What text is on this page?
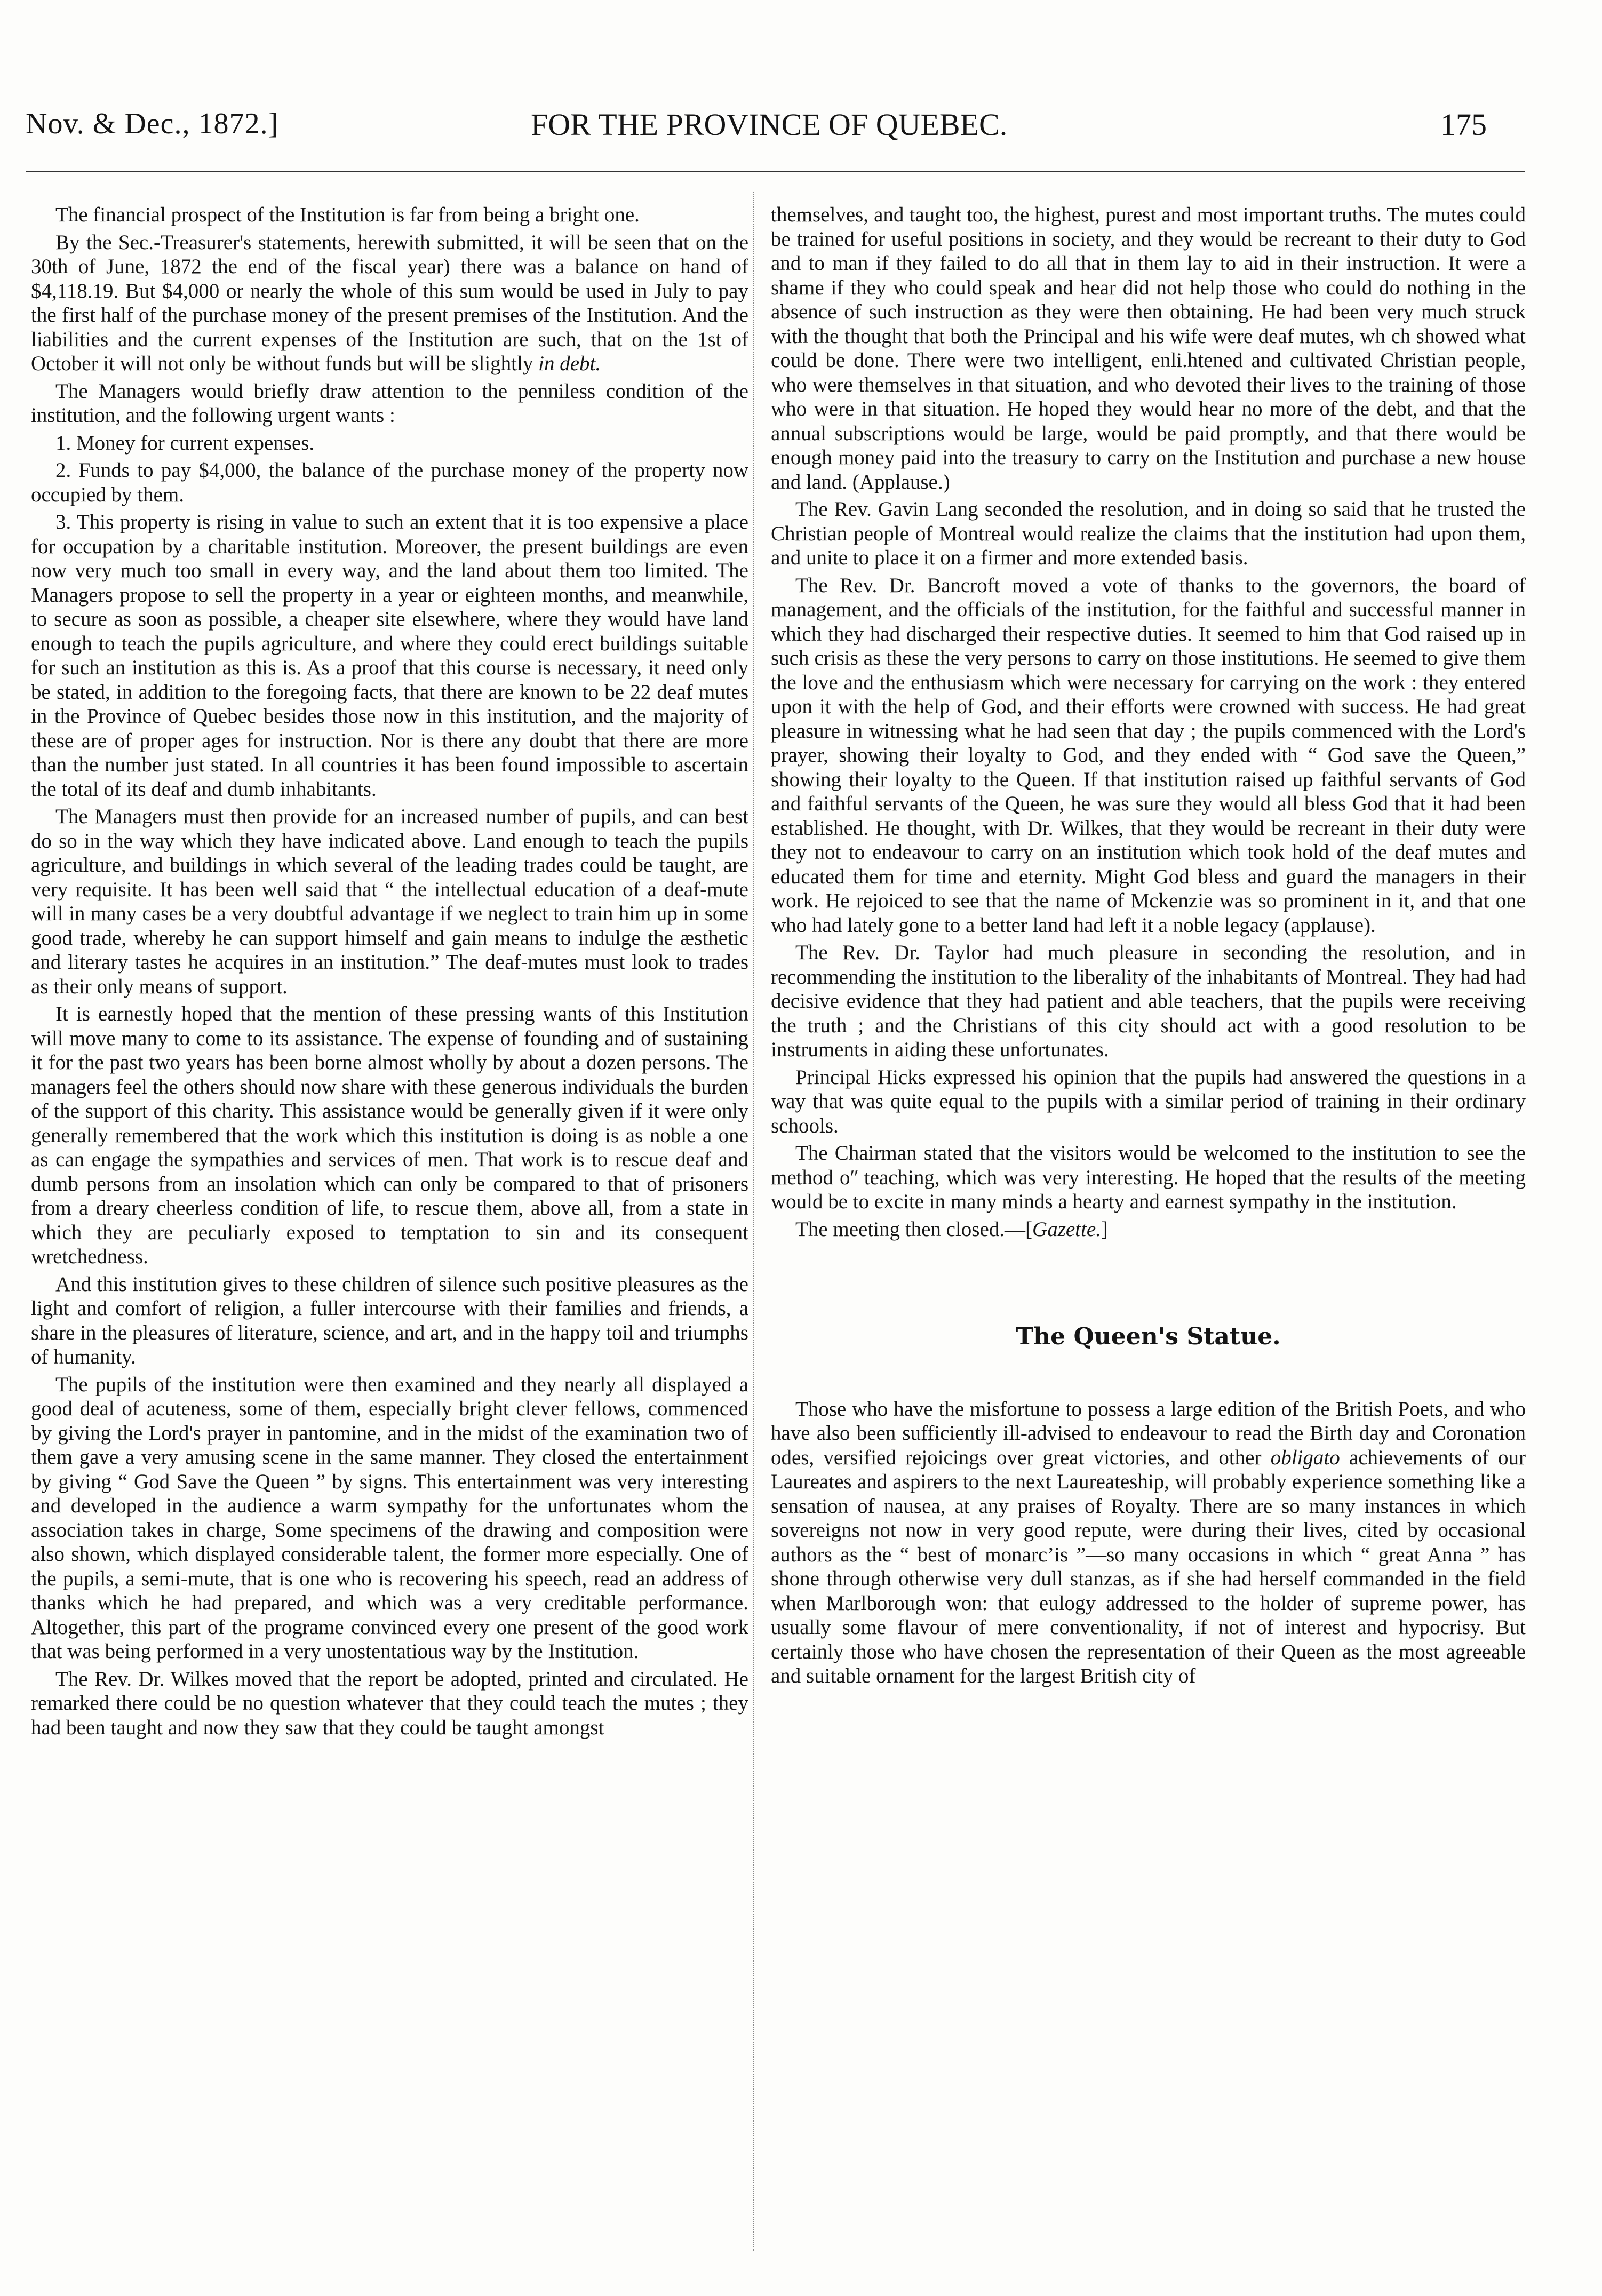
Nov. & Dec., 1872.]	FOR THE PROVINCE OF QUEBEC.	175

The financial prospect of the Institution is far from being a bright one.

By the Sec.-Treasurer's statements, herewith submitted, it will be seen that on the 30th of June, 1872 the end of the fiscal year) there was a balance on hand of $4,118.19. But $4,000 or nearly the whole of this sum would be used in July to pay the first half of the purchase money of the present premises of the Institution. And the liabilities and the current expenses of the Institution are such, that on the 1st of October it will not only be without funds but will be slightly in debt.

The Managers would briefly draw attention to the penniless condition of the institution, and the following urgent wants :

1. Money for current expenses.

2. Funds to pay $4,000, the balance of the purchase money of the property now occupied by them.

3. This property is rising in value to such an extent that it is too expensive a place for occupation by a charitable institution. Moreover, the present buildings are even now very much too small in every way, and the land about them too limited. The Managers propose to sell the property in a year or eighteen months, and meanwhile, to secure as soon as possible, a cheaper site elsewhere, where they would have land enough to teach the pupils agriculture, and where they could erect buildings suitable for such an institution as this is. As a proof that this course is necessary, it need only be stated, in addition to the foregoing facts, that there are known to be 22 deaf mutes in the Province of Quebec besides those now in this institution, and the majority of these are of proper ages for instruction. Nor is there any doubt that there are more than the number just stated. In all countries it has been found impossible to ascertain the total of its deaf and dumb inhabitants.

The Managers must then provide for an increased number of pupils, and can best do so in the way which they have indicated above. Land enough to teach the pupils agriculture, and buildings in which several of the leading trades could be taught, are very requisite. It has been well said that “ the intellectual education of a deaf-mute will in many cases be a very doubtful advantage if we neglect to train him up in some good trade, whereby he can support himself and gain means to indulge the æsthetic and literary tastes he acquires in an institution.” The deaf-mutes must look to trades as their only means of support.

It is earnestly hoped that the mention of these pressing wants of this Institution will move many to come to its assistance. The expense of founding and of sustaining it for the past two years has been borne almost wholly by about a dozen persons. The managers feel the others should now share with these generous individuals the burden of the support of this charity. This assistance would be generally given if it were only generally remembered that the work which this institution is doing is as noble a one as can engage the sympathies and services of men. That work is to rescue deaf and dumb persons from an insolation which can only be compared to that of prisoners from a dreary cheerless condition of life, to rescue them, above all, from a state in which they are peculiarly exposed to temptation to sin and its consequent wretchedness.

And this institution gives to these children of silence such positive pleasures as the light and comfort of religion, a fuller intercourse with their families and friends, a share in the pleasures of literature, science, and art, and in the happy toil and triumphs of humanity.

The pupils of the institution were then examined and they nearly all displayed a good deal of acuteness, some of them, especially bright clever fellows, commenced by giving the Lord's prayer in pantomine, and in the midst of the examination two of them gave a very amusing scene in the same manner. They closed the entertainment by giving “ God Save the Queen ” by signs. This entertainment was very interesting and developed in the audience a warm sympathy for the unfortunates whom the association takes in charge, Some specimens of the drawing and composition were also shown, which displayed considerable talent, the former more especially. One of the pupils, a semi-mute, that is one who is recovering his speech, read an address of thanks which he had prepared, and which was a very creditable performance. Altogether, this part of the programe convinced every one present of the good work that was being performed in a very unostentatious way by the Institution.

The Rev. Dr. Wilkes moved that the report be adopted, printed and circulated. He remarked there could be no question whatever that they could teach the mutes ; they had been taught and now they saw that they could be taught amongst

themselves, and taught too, the highest, purest and most important truths. The mutes could be trained for useful positions in society, and they would be recreant to their duty to God and to man if they failed to do all that in them lay to aid in their instruction. It were a shame if they who could speak and hear did not help those who could do nothing in the absence of such instruction as they were then obtaining. He had been very much struck with the thought that both the Principal and his wife were deaf mutes, wh ch showed what could be done. There were two intelligent, enli.htened and cultivated Christian people, who were themselves in that situation, and who devoted their lives to the training of those who were in that situation. He hoped they would hear no more of the debt, and that the annual subscriptions would be large, would be paid promptly, and that there would be enough money paid into the treasury to carry on the Institution and purchase a new house and land. (Applause.)

The Rev. Gavin Lang seconded the resolution, and in doing so said that he trusted the Christian people of Montreal would realize the claims that the institution had upon them, and unite to place it on a firmer and more extended basis.

The Rev. Dr. Bancroft moved a vote of thanks to the governors, the board of management, and the officials of the institution, for the faithful and successful manner in which they had discharged their respective duties. It seemed to him that God raised up in such crisis as these the very persons to carry on those institutions. He seemed to give them the love and the enthusiasm which were necessary for carrying on the work : they entered upon it with the help of God, and their efforts were crowned with success. He had great pleasure in witnessing what he had seen that day ; the pupils commenced with the Lord's prayer, showing their loyalty to God, and they ended with “ God save the Queen,” showing their loyalty to the Queen. If that institution raised up faithful servants of God and faithful servants of the Queen, he was sure they would all bless God that it had been established. He thought, with Dr. Wilkes, that they would be recreant in their duty were they not to endeavour to carry on an institution which took hold of the deaf mutes and educated them for time and eternity. Might God bless and guard the managers in their work. He rejoiced to see that the name of Mckenzie was so prominent in it, and that one who had lately gone to a better land had left it a noble legacy (applause).

The Rev. Dr. Taylor had much pleasure in seconding the resolution, and in recommending the institution to the liberality of the inhabitants of Montreal. They had had decisive evidence that they had patient and able teachers, that the pupils were receiving the truth ; and the Christians of this city should act with a good resolution to be instruments in aiding these unfortunates.

Principal Hicks expressed his opinion that the pupils had answered the questions in a way that was quite equal to the pupils with a similar period of training in their ordinary schools.

The Chairman stated that the visitors would be welcomed to the institution to see the method oʺ teaching, which was very interesting. He hoped that the results of the meeting would be to excite in many minds a hearty and earnest sympathy in the institution.

The meeting then closed.—[Gazette.]

The Queen's Statue.

Those who have the misfortune to possess a large edition of the British Poets, and who have also been sufficiently ill-advised to endeavour to read the Birth day and Coronation odes, versified rejoicings over great victories, and other obligato achievements of our Laureates and aspirers to the next Laureateship, will probably experience something like a sensation of nausea, at any praises of Royalty. There are so many instances in which sovereigns not now in very good repute, were during their lives, cited by occasional authors as the “ best of monarc’is ”—so many occasions in which “ great Anna ” has shone through otherwise very dull stanzas, as if she had herself commanded in the field when Marlborough won: that eulogy addressed to the holder of supreme power, has usually some flavour of mere conventionality, if not of interest and hypocrisy. But certainly those who have chosen the representation of their Queen as the most agreeable and suitable ornament for the largest British city of
